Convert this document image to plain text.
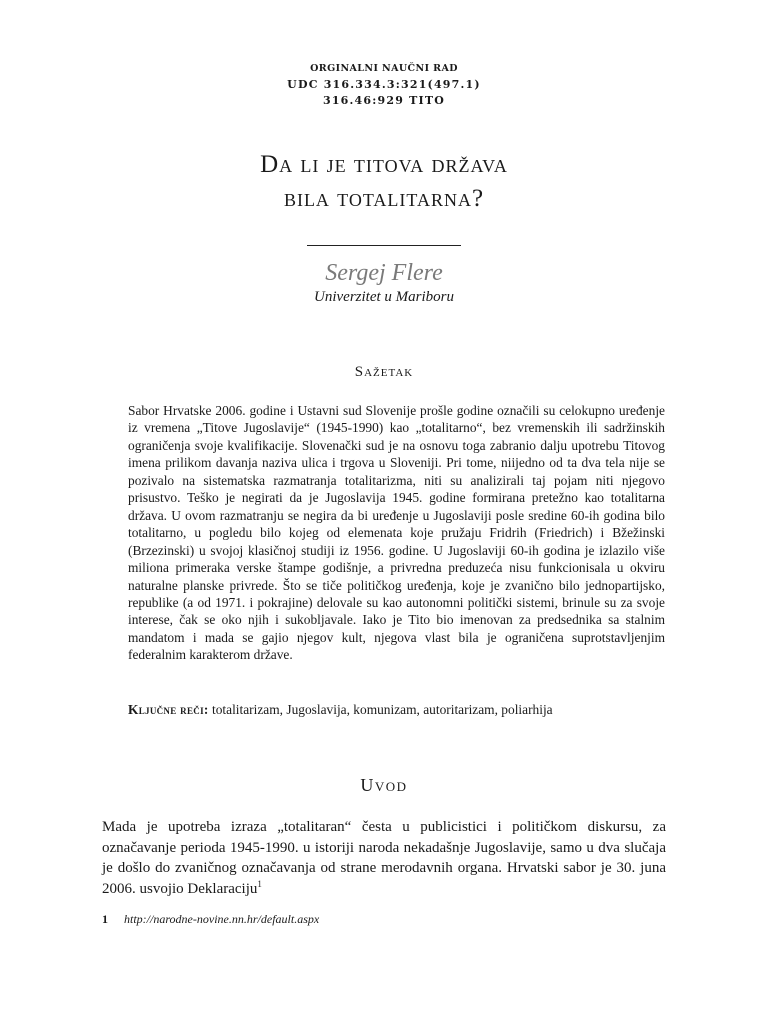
ORGINALNI NAUČNI RAD
UDC 316.334.3:321(497.1)
316.46:929 TITO
Da li je titova država
bila totalitarna?
Sergej Flere
Univerzitet u Mariboru
Sažetak

Sabor Hrvatske 2006. godine i Ustavni sud Slovenije prošle godine označili su celokupno uređenje iz vremena „Titove Jugoslavije“ (1945-1990) kao „totalitarno“, bez vremenskih ili sadržinskih ograničenja svoje kvalifikacije. Slovenački sud je na osnovu toga zabranio dalju upotrebu Titovog imena prilikom davanja naziva ulica i trgova u Sloveniji. Pri tome, niijedno od ta dva tela nije se pozivalo na sistematska razmatranja totalitarizma, niti su analizirali taj pojam niti njegovo prisustvo. Teško je negirati da je Jugoslavija 1945. godine formirana pretežno kao totalitarna država. U ovom razmatranju se negira da bi uređenje u Jugoslaviji posle sredine 60-ih godina bilo totalitarno, u pogledu bilo kojeg od elemenata koje pružaju Fridrih (Friedrich) i Bžežinski (Brzezinski) u svojoj klasičnoj studiji iz 1956. godine. U Jugoslaviji 60-ih godina je izlazilo više miliona primeraka verske štampe godišnje, a privredna preduzeća nisu funkcionisala u okviru naturalne planske privrede. Što se tiče političkog uređenja, koje je zvanično bilo jednopartijsko, republike (a od 1971. i pokrajine) delovale su kao autonomni politički sistemi, brinule su za svoje interese, čak se oko njih i sukobljavale. Iako je Tito bio imenovan za predsednika sa stalnim mandatom i mada se gajio njegov kult, njegova vlast bila je ograničena suprotstavljenjim federalnim karakterom države.

Ključne reči: totalitarizam, Jugoslavija, komunizam, autoritarizam, poliarhija

Uvod

Mada je upotreba izraza „totalitaran“ česta u publicistici i političkom diskursu, za označavanje perioda 1945-1990. u istoriji naroda nekadašnje Jugoslavije, samo u dva slučaja je došlo do zvaničnog označavanja od strane merodavnih organa. Hrvatski sabor je 30. juna 2006. usvojio Deklaraciju$^1$

1 http://narodne-novine.nn.hr/default.aspx
